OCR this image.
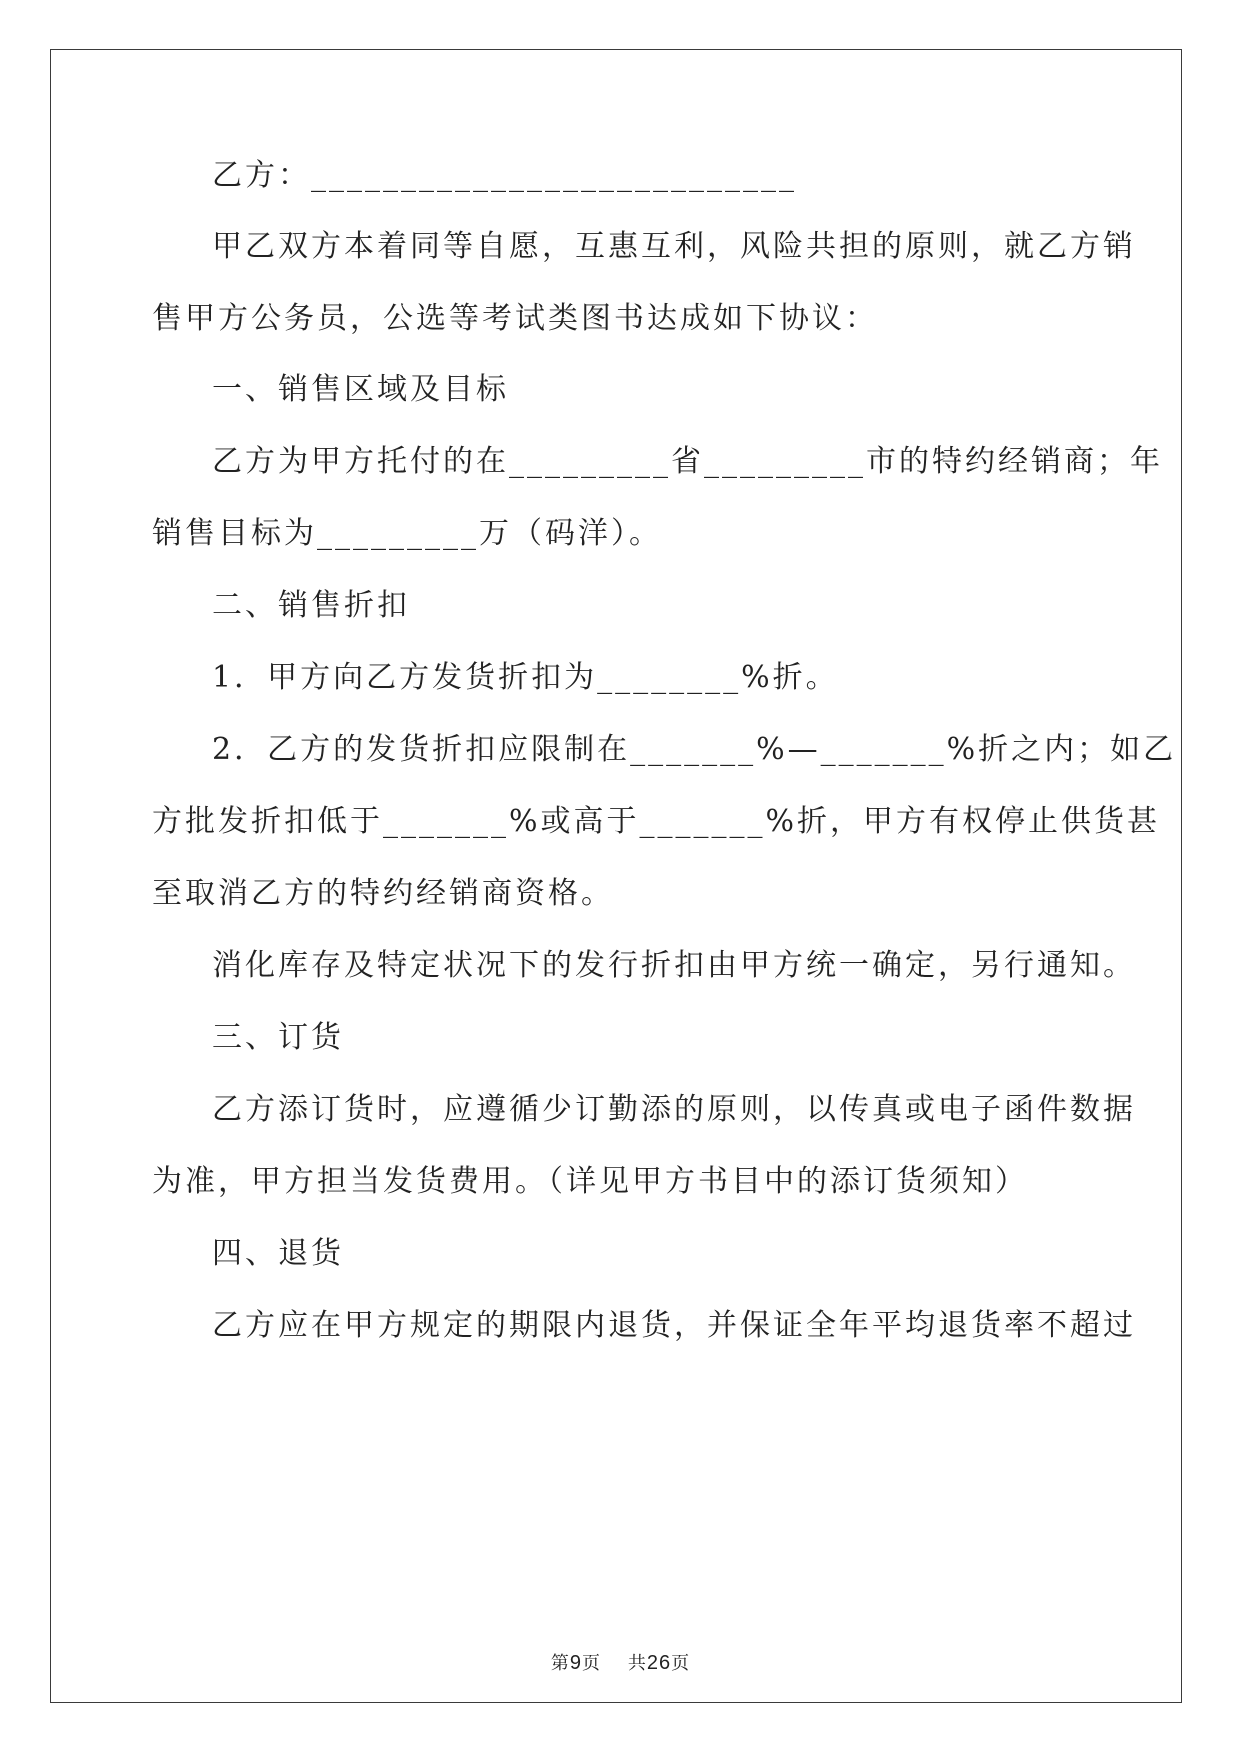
乙方：___________________________
甲乙双方本着同等自愿，互惠互利，风险共担的原则，就乙方销
售甲方公务员，公选等考试类图书达成如下协议：
一、销售区域及目标
乙方为甲方托付的在_________省_________市的特约经销商；年
销售目标为_________万（码洋）。
二、销售折扣
1．甲方向乙方发货折扣为________%折。
2．乙方的发货折扣应限制在_______%—_______%折之内；如乙
方批发折扣低于_______%或高于_______%折，甲方有权停止供货甚
至取消乙方的特约经销商资格。
消化库存及特定状况下的发行折扣由甲方统一确定，另行通知。
三、订货
乙方添订货时，应遵循少订勤添的原则，以传真或电子函件数据
为准，甲方担当发货费用。（详见甲方书目中的添订货须知）
四、退货
乙方应在甲方规定的期限内退货，并保证全年平均退货率不超过
第9页 共26页
